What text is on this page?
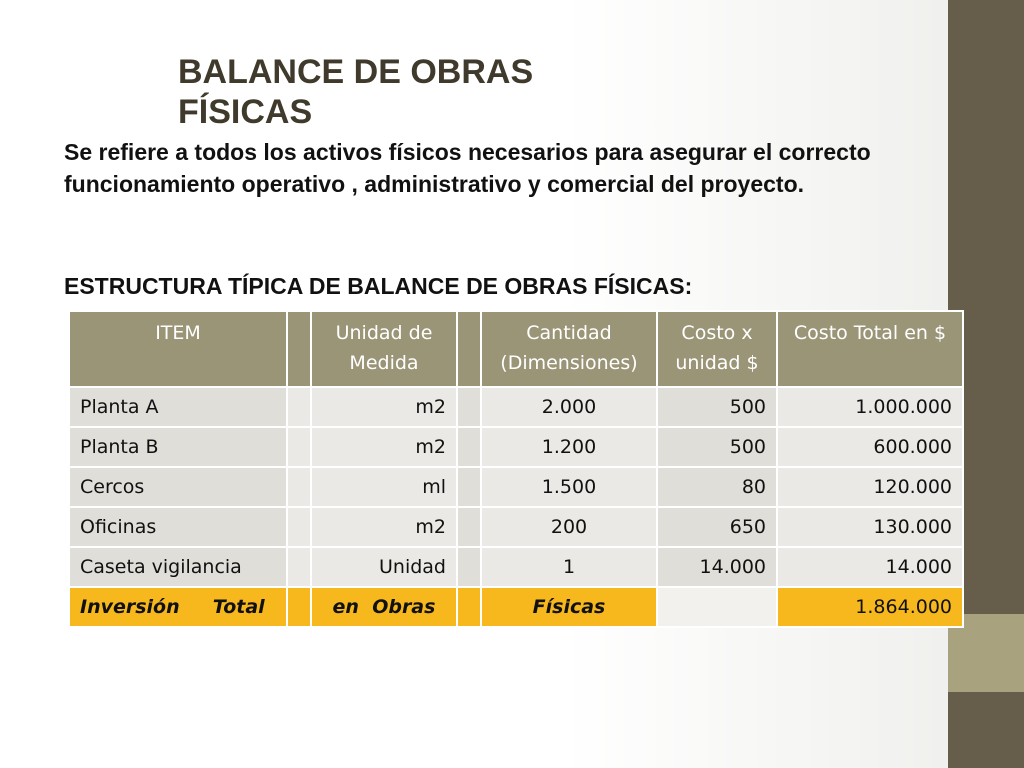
BALANCE DE OBRAS FÍSICAS

Se refiere a todos los activos físicos necesarios para asegurar el correcto funcionamiento operativo , administrativo y comercial del proyecto.

ESTRUCTURA TÍPICA DE BALANCE DE OBRAS FÍSICAS:

ITEM		Unidad de Medida		Cantidad (Dimensiones)	Costo x unidad $	Costo Total en $
Planta A		m2		2.000	500	1.000.000
Planta B		m2		1.200	500	600.000
Cercos		ml		1.500	80	120.000
Oficinas		m2		200	650	130.000
Caseta vigilancia		Unidad		1	14.000	14.000
Inversión     Total		en  Obras		Físicas		1.864.000
